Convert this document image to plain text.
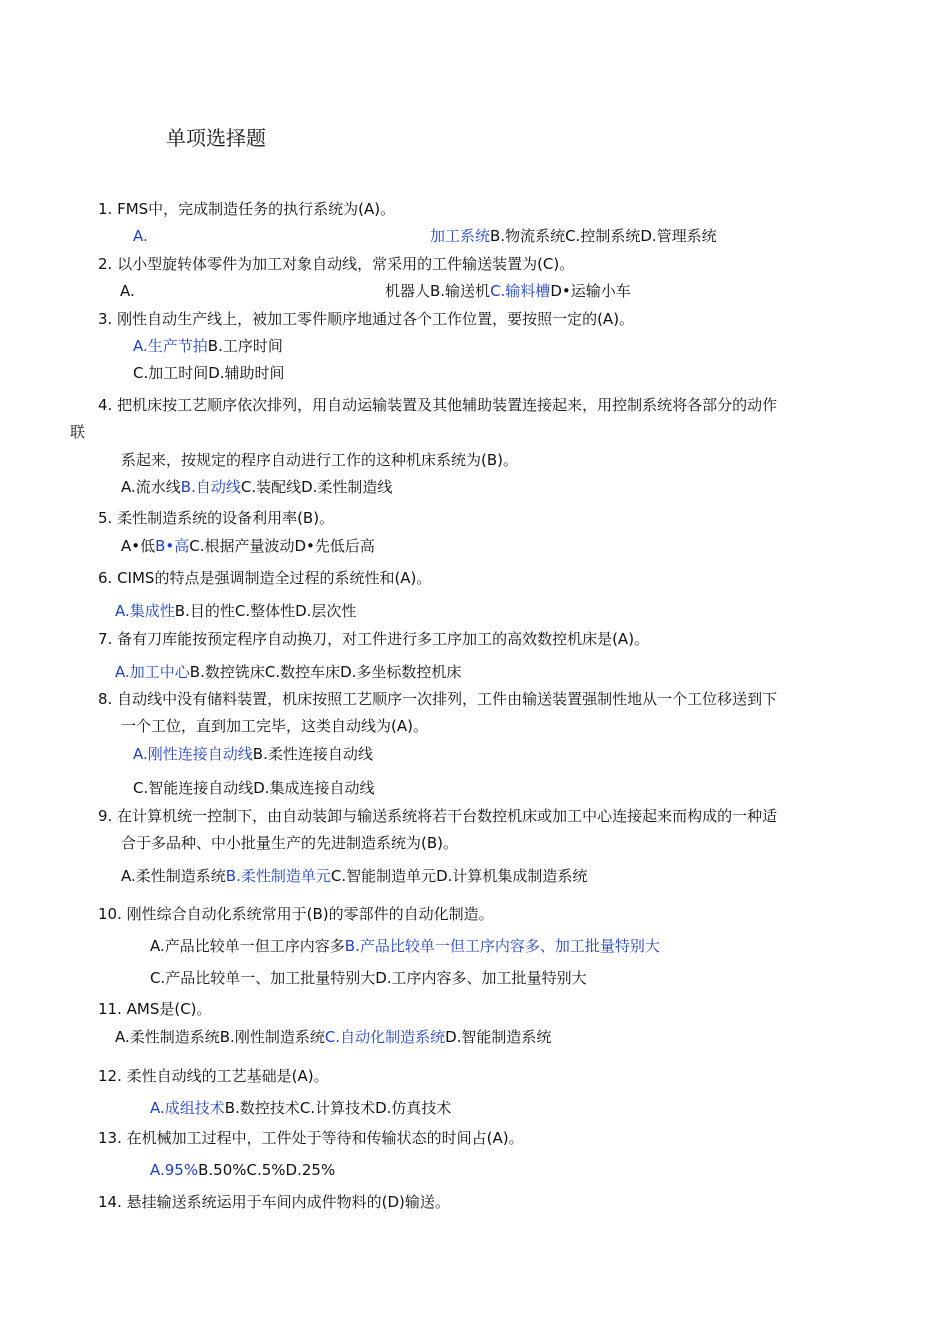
单项选择题
1. FMS中，完成制造任务的执行系统为(A)。
A.	加工系统B.物流系统C.控制系统D.管理系统
2. 以小型旋转体零件为加工对象自动线，常采用的工件输送装置为(C)。
A.	机器人B.输送机C.输料槽D•运输小车
3. 刚性自动生产线上，被加工零件顺序地通过各个工作位置，要按照一定的(A)。
A.生产节拍B.工序时间
C.加工时间D.辅助时间
4. 把机床按工艺顺序依次排列，用自动运输装置及其他辅助装置连接起来，用控制系统将各部分的动作
联
系起来，按规定的程序自动进行工作的这种机床系统为(B)。
A.流水线B.自动线C.装配线D.柔性制造线
5. 柔性制造系统的设备利用率(B)。
A•低B•高C.根据产量波动D•先低后高
6. CIMS的特点是强调制造全过程的系统性和(A)。
A.集成性B.目的性C.整体性D.层次性
7. 备有刀库能按预定程序自动换刀，对工件进行多工序加工的高效数控机床是(A)。
A.加工中心B.数控铣床C.数控车床D.多坐标数控机床
8. 自动线中没有储料装置，机床按照工艺顺序一次排列，工件由输送装置强制性地从一个工位移送到下
一个工位，直到加工完毕，这类自动线为(A)。
A.刚性连接自动线B.柔性连接自动线
C.智能连接自动线D.集成连接自动线
9. 在计算机统一控制下，由自动装卸与输送系统将若干台数控机床或加工中心连接起来而构成的一种适
合于多品种、中小批量生产的先进制造系统为(B)。
A.柔性制造系统B.柔性制造单元C.智能制造单元D.计算机集成制造系统
10. 刚性综合自动化系统常用于(B)的零部件的自动化制造。
A.产品比较单一但工序内容多B.产品比较单一但工序内容多、加工批量特别大
C.产品比较单一、加工批量特别大D.工序内容多、加工批量特别大
11. AMS是(C)。
A.柔性制造系统B.刚性制造系统C.自动化制造系统D.智能制造系统
12. 柔性自动线的工艺基础是(A)。
A.成组技术B.数控技术C.计算技术D.仿真技术
13. 在机械加工过程中，工件处于等待和传输状态的时间占(A)。
A.95%B.50%C.5%D.25%
14. 悬挂输送系统运用于车间内成件物料的(D)输送。
